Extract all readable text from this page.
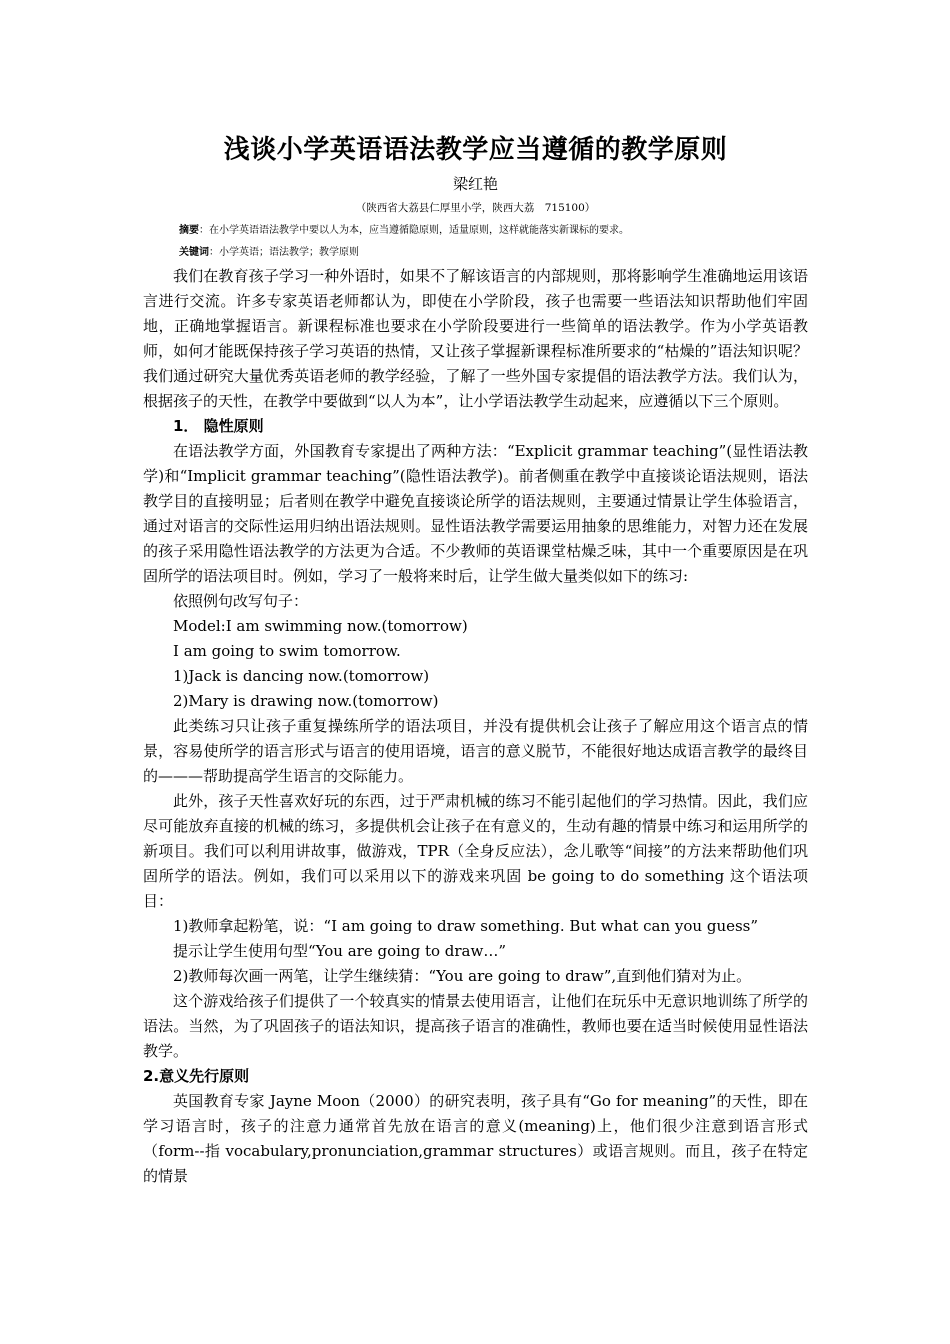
浅谈小学英语语法教学应当遵循的教学原则

梁红艳

（陕西省大荔县仁厚里小学，陕西大荔　715100）

摘要：在小学英语语法教学中要以人为本，应当遵循隐原则，适量原则，这样就能落实新课标的要求。

关键词：小学英语；语法教学；教学原则

我们在教育孩子学习一种外语时，如果不了解该语言的内部规则，那将影响学生准确地运用该语言进行交流。许多专家英语老师都认为，即使在小学阶段，孩子也需要一些语法知识帮助他们牢固地，正确地掌握语言。新课程标准也要求在小学阶段要进行一些简单的语法教学。作为小学英语教师，如何才能既保持孩子学习英语的热情，又让孩子掌握新课程标准所要求的“枯燥的”语法知识呢？我们通过研究大量优秀英语老师的教学经验，了解了一些外国专家提倡的语法教学方法。我们认为，根据孩子的天性，在教学中要做到“以人为本”，让小学语法教学生动起来，应遵循以下三个原则。

1． 隐性原则

在语法教学方面，外国教育专家提出了两种方法：“Explicit grammar teaching”(显性语法教学)和“Implicit grammar teaching”(隐性语法教学)。前者侧重在教学中直接谈论语法规则，语法教学目的直接明显；后者则在教学中避免直接谈论所学的语法规则，主要通过情景让学生体验语言，通过对语言的交际性运用归纳出语法规则。显性语法教学需要运用抽象的思维能力，对智力还在发展的孩子采用隐性语法教学的方法更为合适。不少教师的英语课堂枯燥乏味，其中一个重要原因是在巩固所学的语法项目时。例如，学习了一般将来时后，让学生做大量类似如下的练习:

依照例句改写句子：

Model:I am swimming now.(tomorrow)

I am going to swim tomorrow.

1)Jack is dancing now.(tomorrow)

2)Mary is drawing now.(tomorrow)

此类练习只让孩子重复操练所学的语法项目，并没有提供机会让孩子了解应用这个语言点的情景，容易使所学的语言形式与语言的使用语境，语言的意义脱节，不能很好地达成语言教学的最终目的———帮助提高学生语言的交际能力。

此外，孩子天性喜欢好玩的东西，过于严肃机械的练习不能引起他们的学习热情。因此，我们应尽可能放弃直接的机械的练习，多提供机会让孩子在有意义的，生动有趣的情景中练习和运用所学的新项目。我们可以利用讲故事，做游戏，TPR（全身反应法），念儿歌等“间接”的方法来帮助他们巩固所学的语法。例如，我们可以采用以下的游戏来巩固 be going to do something 这个语法项目：

1)教师拿起粉笔，说：“I am going to draw something. But what can you guess”

提示让学生使用句型“You are going to draw…”

2)教师每次画一两笔，让学生继续猜：“You are going to draw”,直到他们猜对为止。

这个游戏给孩子们提供了一个较真实的情景去使用语言，让他们在玩乐中无意识地训练了所学的语法。当然，为了巩固孩子的语法知识，提高孩子语言的准确性，教师也要在适当时候使用显性语法教学。

2.意义先行原则

英国教育专家 Jayne Moon（2000）的研究表明，孩子具有“Go for meaning”的天性，即在学习语言时，孩子的注意力通常首先放在语言的意义(meaning)上，他们很少注意到语言形式（form--指 vocabulary,pronunciation,grammar structures）或语言规则。而且，孩子在特定的情景
